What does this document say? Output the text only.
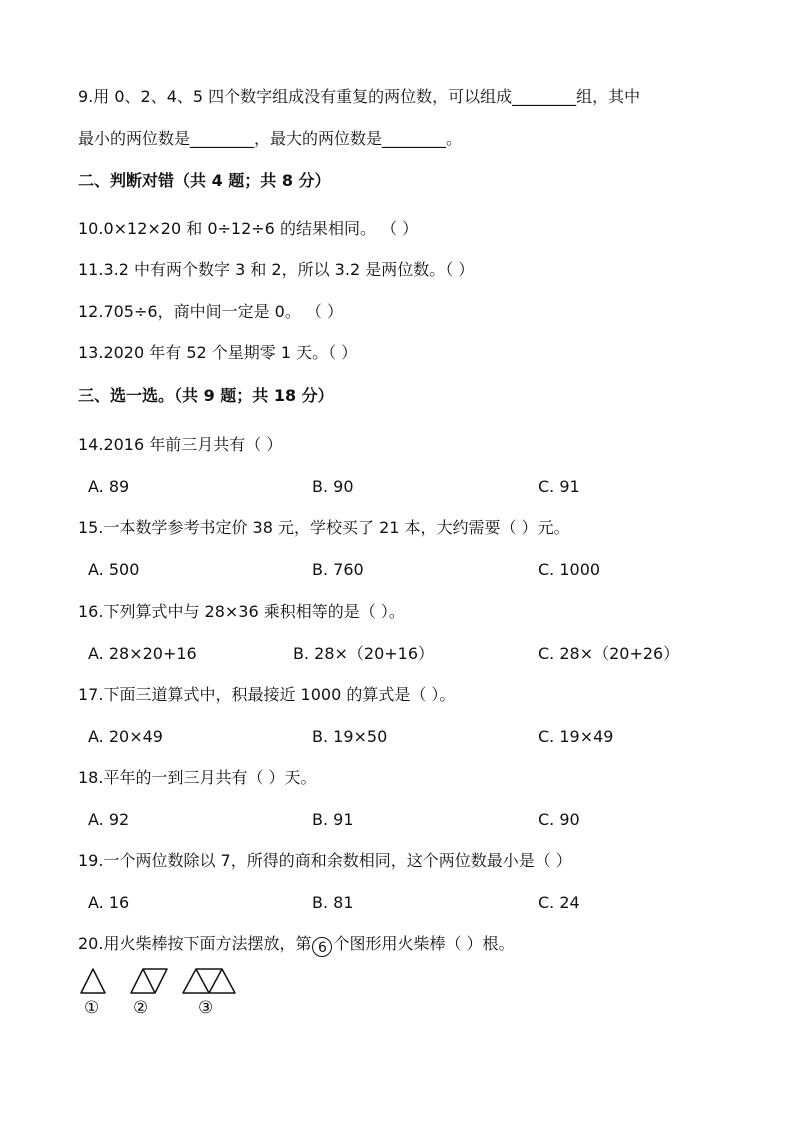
9.用 0、2、4、5 四个数字组成没有重复的两位数，可以组成________组，其中
最小的两位数是________，最大的两位数是________。
二、判断对错（共 4 题；共 8 分）
10.0×12×20 和 0÷12÷6 的结果相同。 （ ）
11.3.2 中有两个数字 3 和 2，所以 3.2 是两位数。（ ）
12.705÷6，商中间一定是 0。 （ ）
13.2020 年有 52 个星期零 1 天。（ ）
三、选一选。（共 9 题；共 18 分）
14.2016 年前三月共有（ ）
A. 89	B. 90	C. 91
15.一本数学参考书定价 38 元，学校买了 21 本，大约需要（ ）元。
A. 500	B. 760	C. 1000
16.下列算式中与 28×36 乘积相等的是（ ）。
A. 28×20+16	B. 28×（20+16）	C. 28×（20+26）
17.下面三道算式中，积最接近 1000 的算式是（ ）。
A. 20×49	B. 19×50	C. 19×49
18.平年的一到三月共有（ ）天。
A. 92	B. 91	C. 90
19.一个两位数除以 7，所得的商和余数相同，这个两位数最小是（ ）
A. 16	B. 81	C. 24
20.用火柴棒按下面方法摆放，第 6 个图形用火柴棒（ ）根。
① ②	③
